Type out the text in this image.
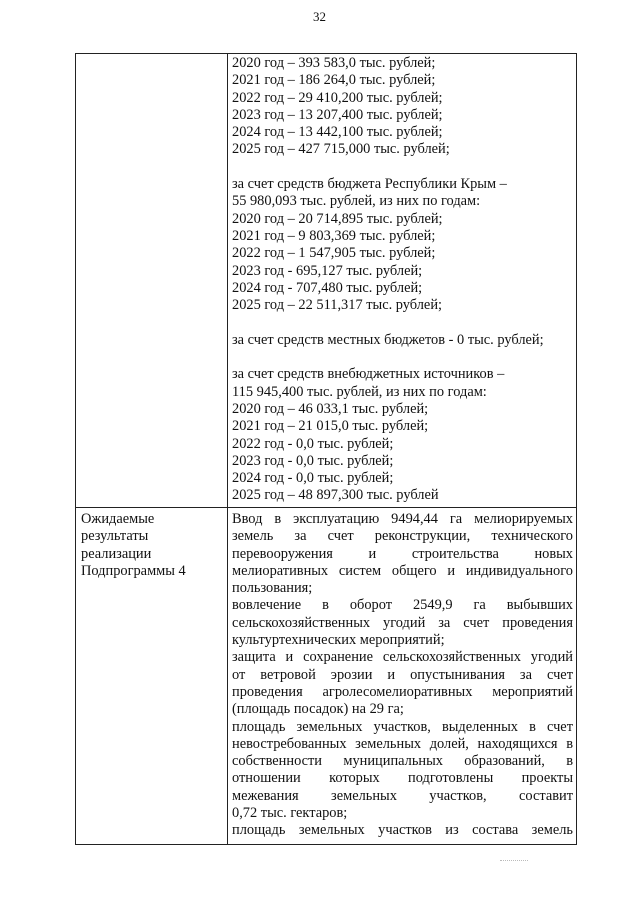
32
2020 год – 393 583,0 тыс. рублей;
2021 год – 186 264,0 тыс. рублей;
2022 год – 29 410,200 тыс. рублей;
2023 год – 13 207,400 тыс. рублей;
2024 год – 13 442,100 тыс. рублей;
2025 год – 427 715,000 тыс. рублей;
за счет средств бюджета Республики Крым –
55 980,093 тыс. рублей, из них по годам:
2020 год – 20 714,895 тыс. рублей;
2021 год – 9 803,369 тыс. рублей;
2022 год – 1 547,905 тыс. рублей;
2023 год - 695,127 тыс. рублей;
2024 год - 707,480 тыс. рублей;
2025 год – 22 511,317 тыс. рублей;
за счет средств местных бюджетов - 0 тыс. рублей;
за счет средств внебюджетных источников –
115 945,400 тыс. рублей, из них по годам:
2020 год – 46 033,1 тыс. рублей;
2021 год – 21 015,0 тыс. рублей;
2022 год - 0,0 тыс. рублей;
2023 год - 0,0 тыс. рублей;
2024 год - 0,0 тыс. рублей;
2025 год – 48 897,300 тыс. рублей
Ожидаемые
результаты
реализации
Подпрограммы 4
Ввод в эксплуатацию 9494,44 га мелиорируемых
земель за счет реконструкции, технического
перевооружения и строительства новых
мелиоративных систем общего и индивидуального
пользования;
вовлечение в оборот 2549,9 га выбывших
сельскохозяйственных угодий за счет проведения
культуртехнических мероприятий;
защита и сохранение сельскохозяйственных угодий
от ветровой эрозии и опустынивания за счет
проведения агролесомелиоративных мероприятий
(площадь посадок) на 29 га;
площадь земельных участков, выделенных в счет
невостребованных земельных долей, находящихся в
собственности муниципальных образований, в
отношении которых подготовлены проекты
межевания земельных участков, составит
0,72 тыс. гектаров;
площадь земельных участков из состава земель
